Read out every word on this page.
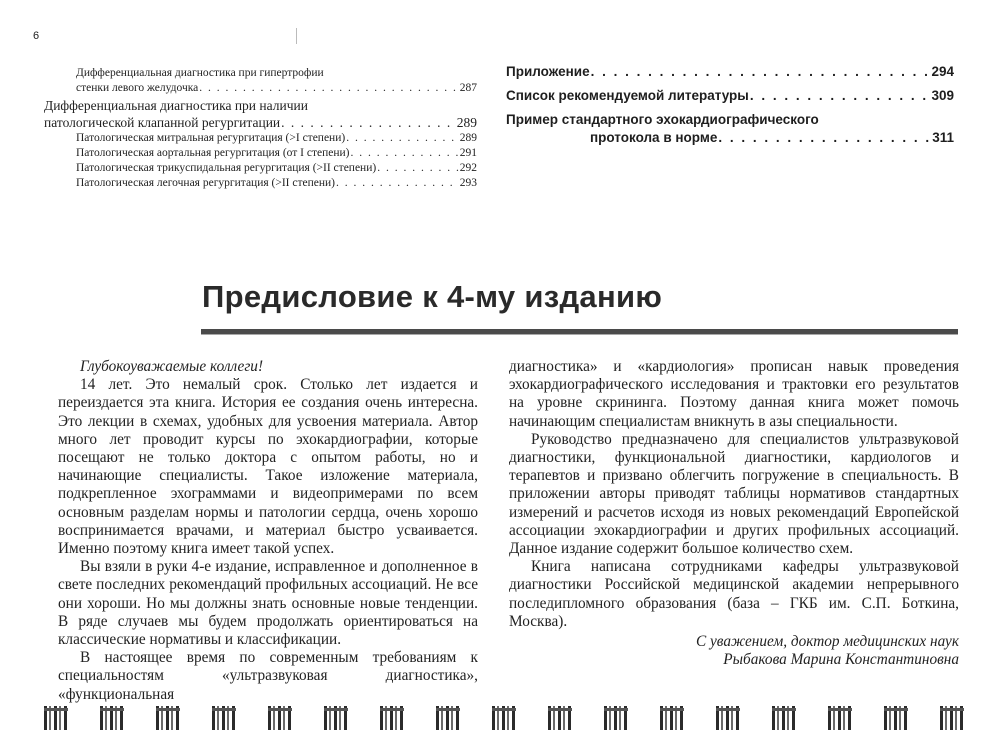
6
Дифференциальная диагностика при гипертрофии
стенки левого желудочка . . .	287
Дифференциальная диагностика при наличии
патологической клапанной регургитации . . .	289
Патологическая митральная регургитация (>I степени) . . .	289
Патологическая аортальная регургитация (от I степени) . . .	291
Патологическая трикуспидальная регургитация (>II степени) . . .	292
Патологическая легочная регургитация (>II степени) . . .	293
Приложение . . .	294
Список рекомендуемой литературы . . .	309
Пример стандартного эхокардиографического
протокола в норме . . .	311
Предисловие к 4-му изданию

Глубокоуважаемые коллеги!

14 лет. Это немалый срок. Столько лет издается и переиздается эта книга. История ее создания очень интересна. Это лекции в схемах, удобных для усвоения материала. Автор много лет проводит курсы по эхокардиографии, которые посещают не только доктора с опытом работы, но и начинающие специалисты. Такое изложение материала, подкрепленное эхограммами и видеопримерами по всем основным разделам нормы и патологии сердца, очень хорошо воспринимается врачами, и материал быстро усваивается. Именно поэтому книга имеет такой успех.

Вы взяли в руки 4-е издание, исправленное и дополненное в свете последних рекомендаций профильных ассоциаций. Не все они хороши. Но мы должны знать основные новые тенденции. В ряде случаев мы будем продолжать ориентироваться на классические нормативы и классификации.

В настоящее время по современным требованиям к специальностям «ультразвуковая диагностика», «функциональная

диагностика» и «кардиология» прописан навык проведения эхокардиографического исследования и трактовки его результатов на уровне скрининга. Поэтому данная книга может помочь начинающим специалистам вникнуть в азы специальности.

Руководство предназначено для специалистов ультразвуковой диагностики, функциональной диагностики, кардиологов и терапевтов и призвано облегчить погружение в специальность. В приложении авторы приводят таблицы нормативов стандартных измерений и расчетов исходя из новых рекомендаций Европейской ассоциации эхокардиографии и других профильных ассоциаций. Данное издание содержит большое количество схем.

Книга написана сотрудниками кафедры ультразвуковой диагностики Российской медицинской академии непрерывного последипломного образования (база – ГКБ им. С.П. Боткина, Москва).

С уважением, доктор медицинских наук

Рыбакова Марина Константиновна
